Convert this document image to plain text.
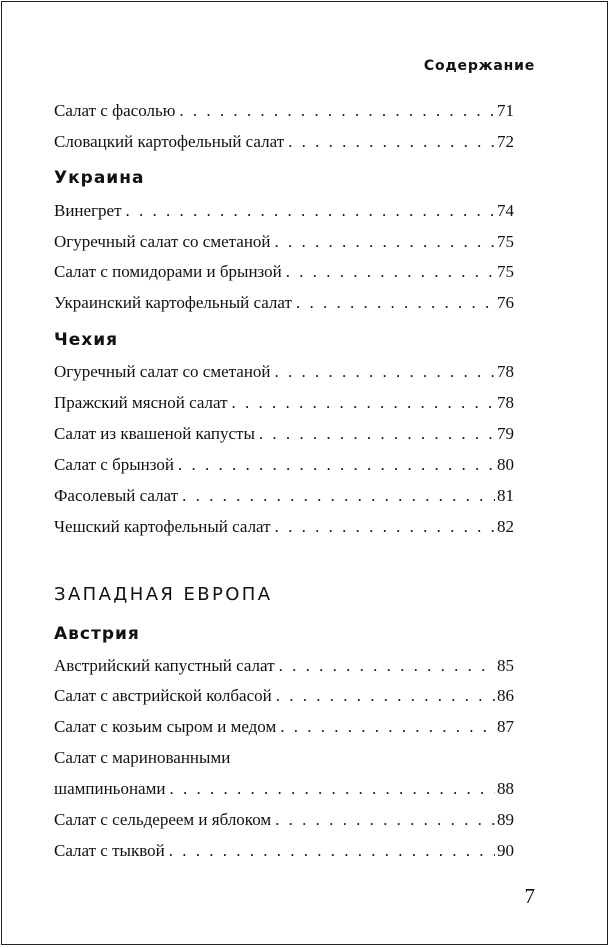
Содержание
Салат с фасолью . . .	71
Словацкий картофельный салат . . .	72
Украина
Винегрет . . .	74
Огуречный салат со сметаной . . .	75
Салат с помидорами и брынзой . . .	75
Украинский картофельный салат . . .	76
Чехия
Огуречный салат со сметаной . . .	78
Пражский мясной салат . . .	78
Салат из квашеной капусты . . .	79
Салат с брынзой . . .	80
Фасолевый салат . . .	81
Чешский картофельный салат . . .	82
ЗАПАДНАЯ ЕВРОПА
Австрия
Австрийский капустный салат . . .	85
Салат с австрийской колбасой . . .	86
Салат с козьим сыром и медом . . .	87
Салат с маринованными
шампиньонами . . .	88
Салат с сельдереем и яблоком . . .	89
Салат с тыквой . . .	90
7
